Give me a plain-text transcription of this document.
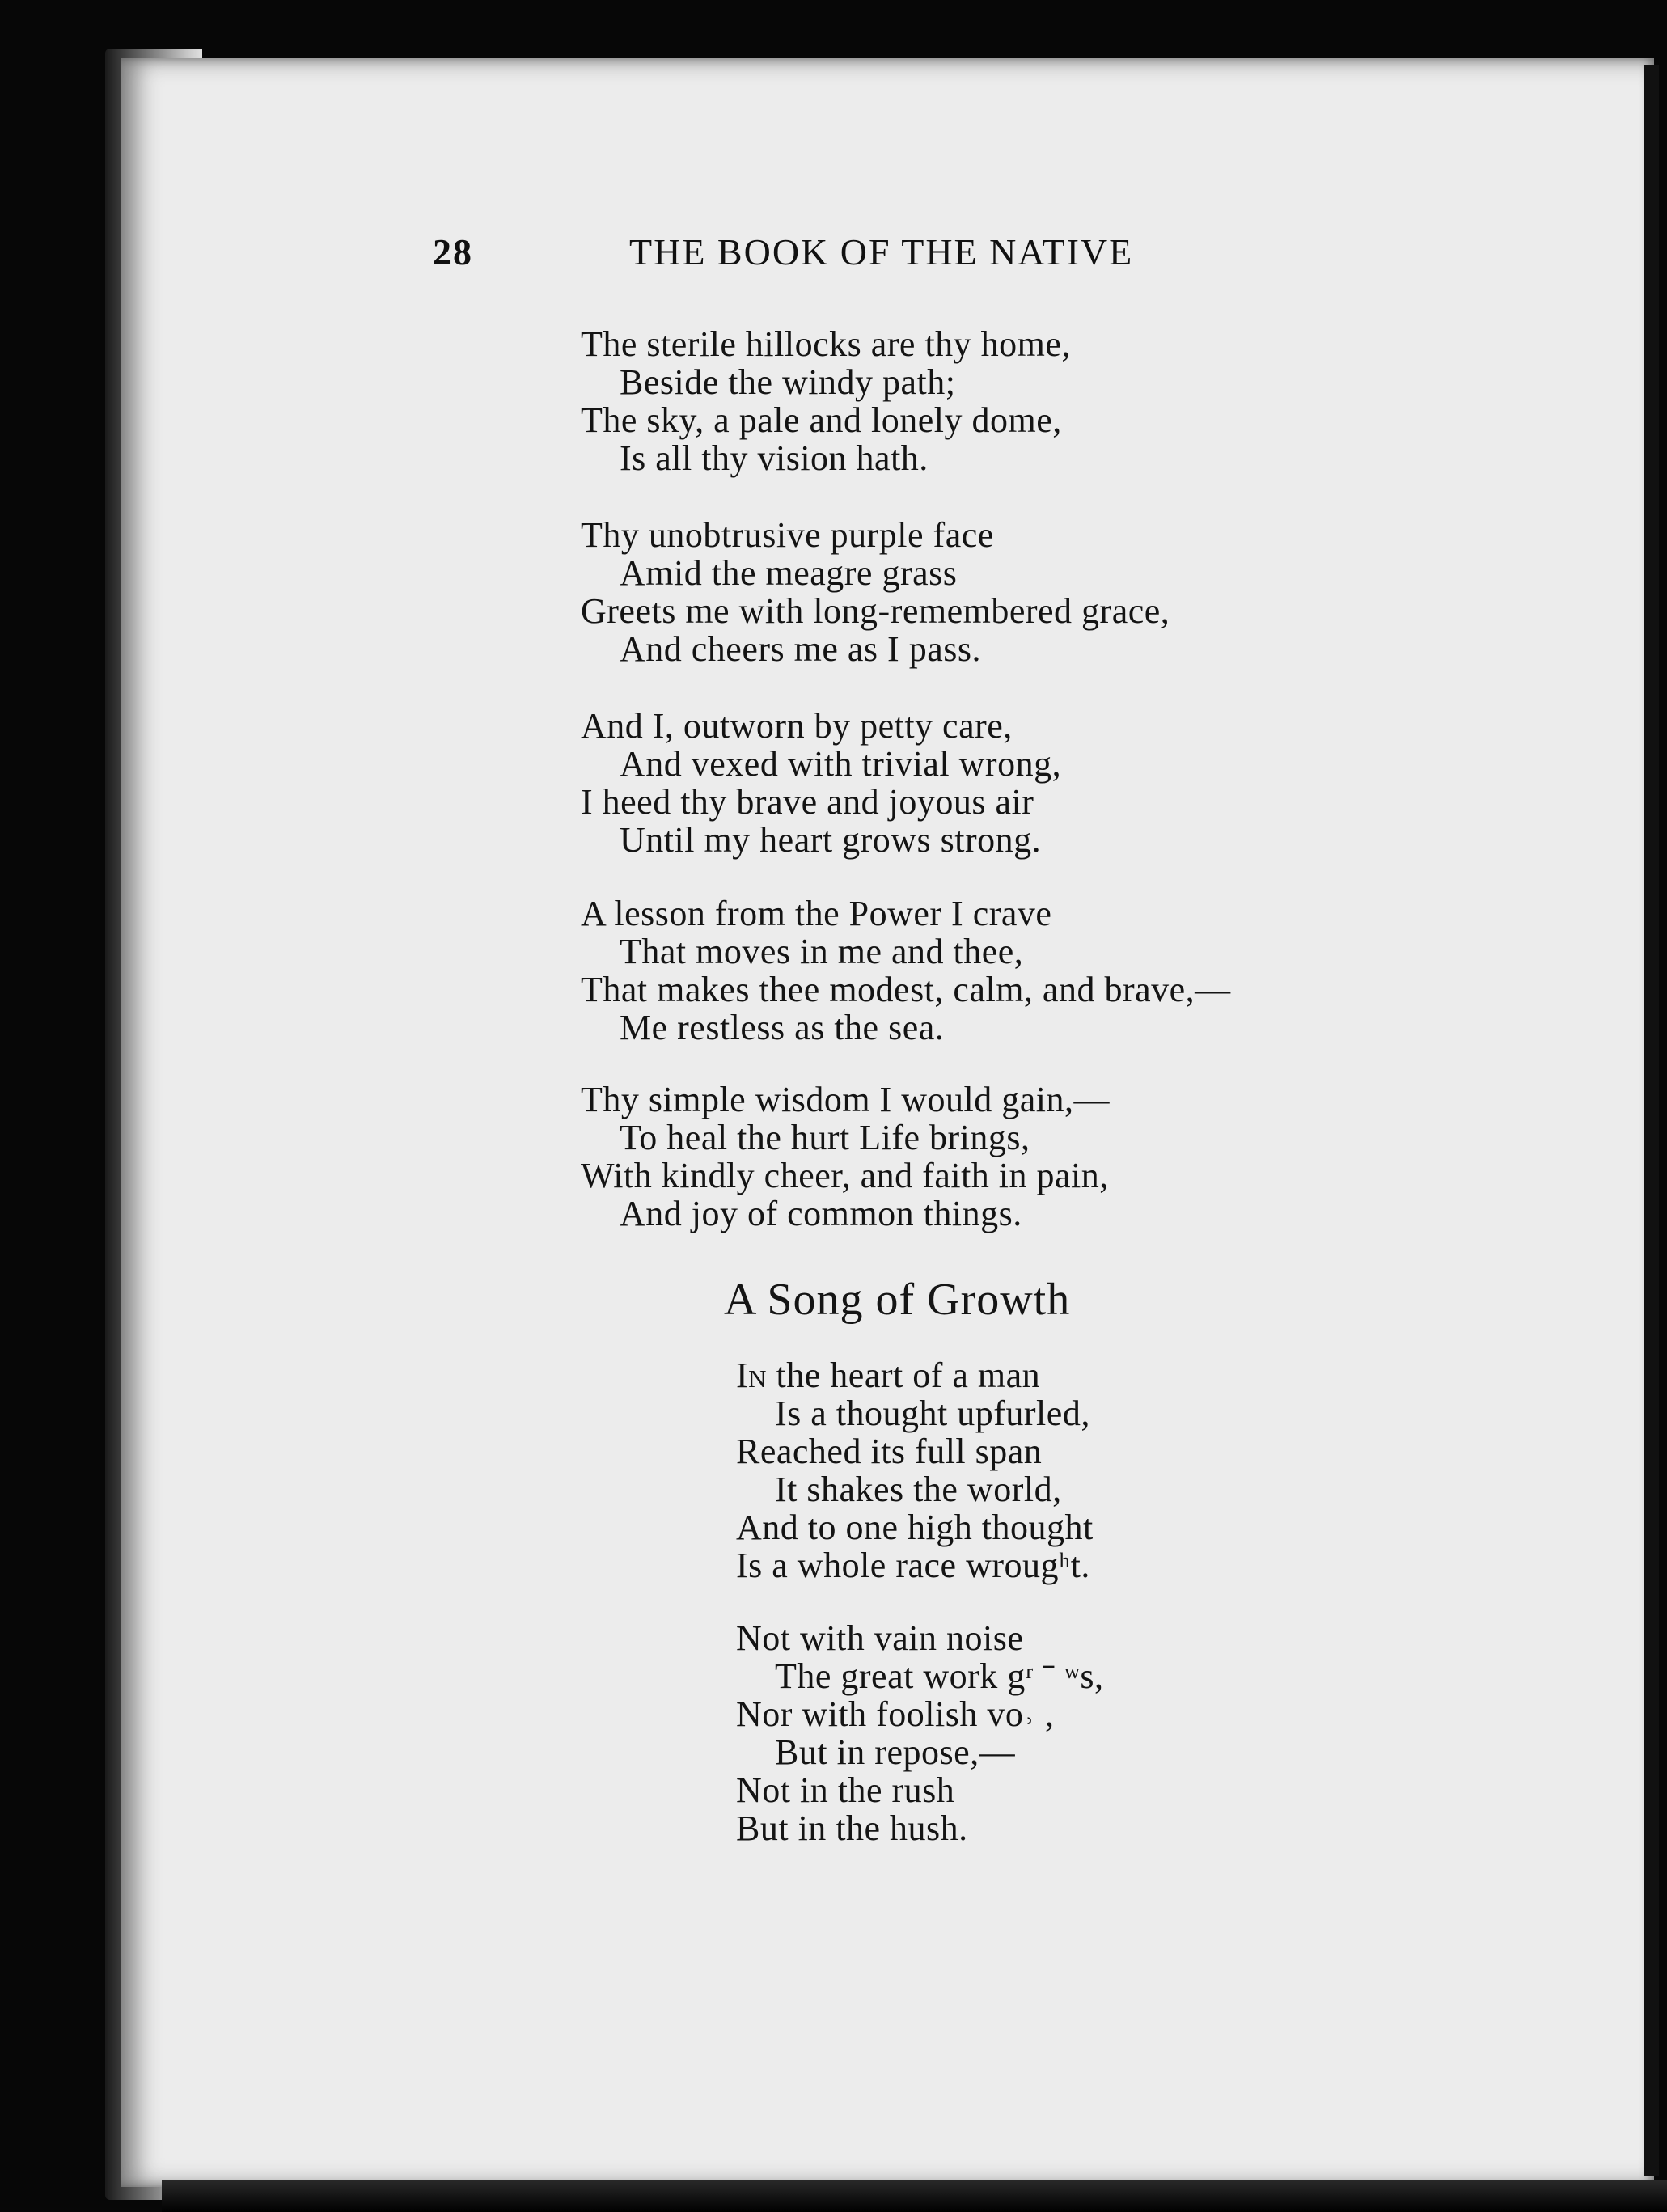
28	THE BOOK OF THE NATIVE
The sterile hillocks are thy home,
Beside the windy path;
The sky, a pale and lonely dome,
Is all thy vision hath.
Thy unobtrusive purple face
Amid the meagre grass
Greets me with long-remembered grace,
And cheers me as I pass.
And I, outworn by petty care,
And vexed with trivial wrong,
I heed thy brave and joyous air
Until my heart grows strong.
A lesson from the Power I crave
That moves in me and thee,
That makes thee modest, calm, and brave,—
Me restless as the sea.
Thy simple wisdom I would gain,—
To heal the hurt Life brings,
With kindly cheer, and faith in pain,
And joy of common things.
A Song of Growth
In the heart of a man
Is a thought upfurled,
Reached its full span
It shakes the world,
And to one high thought
Is a whole race wrougʰt.
Not with vain noise
The great work gʳ ˉ ʷs,
Nor with foolish vo˒ ,
But in repose,—
Not in the rush
But in the hush.
